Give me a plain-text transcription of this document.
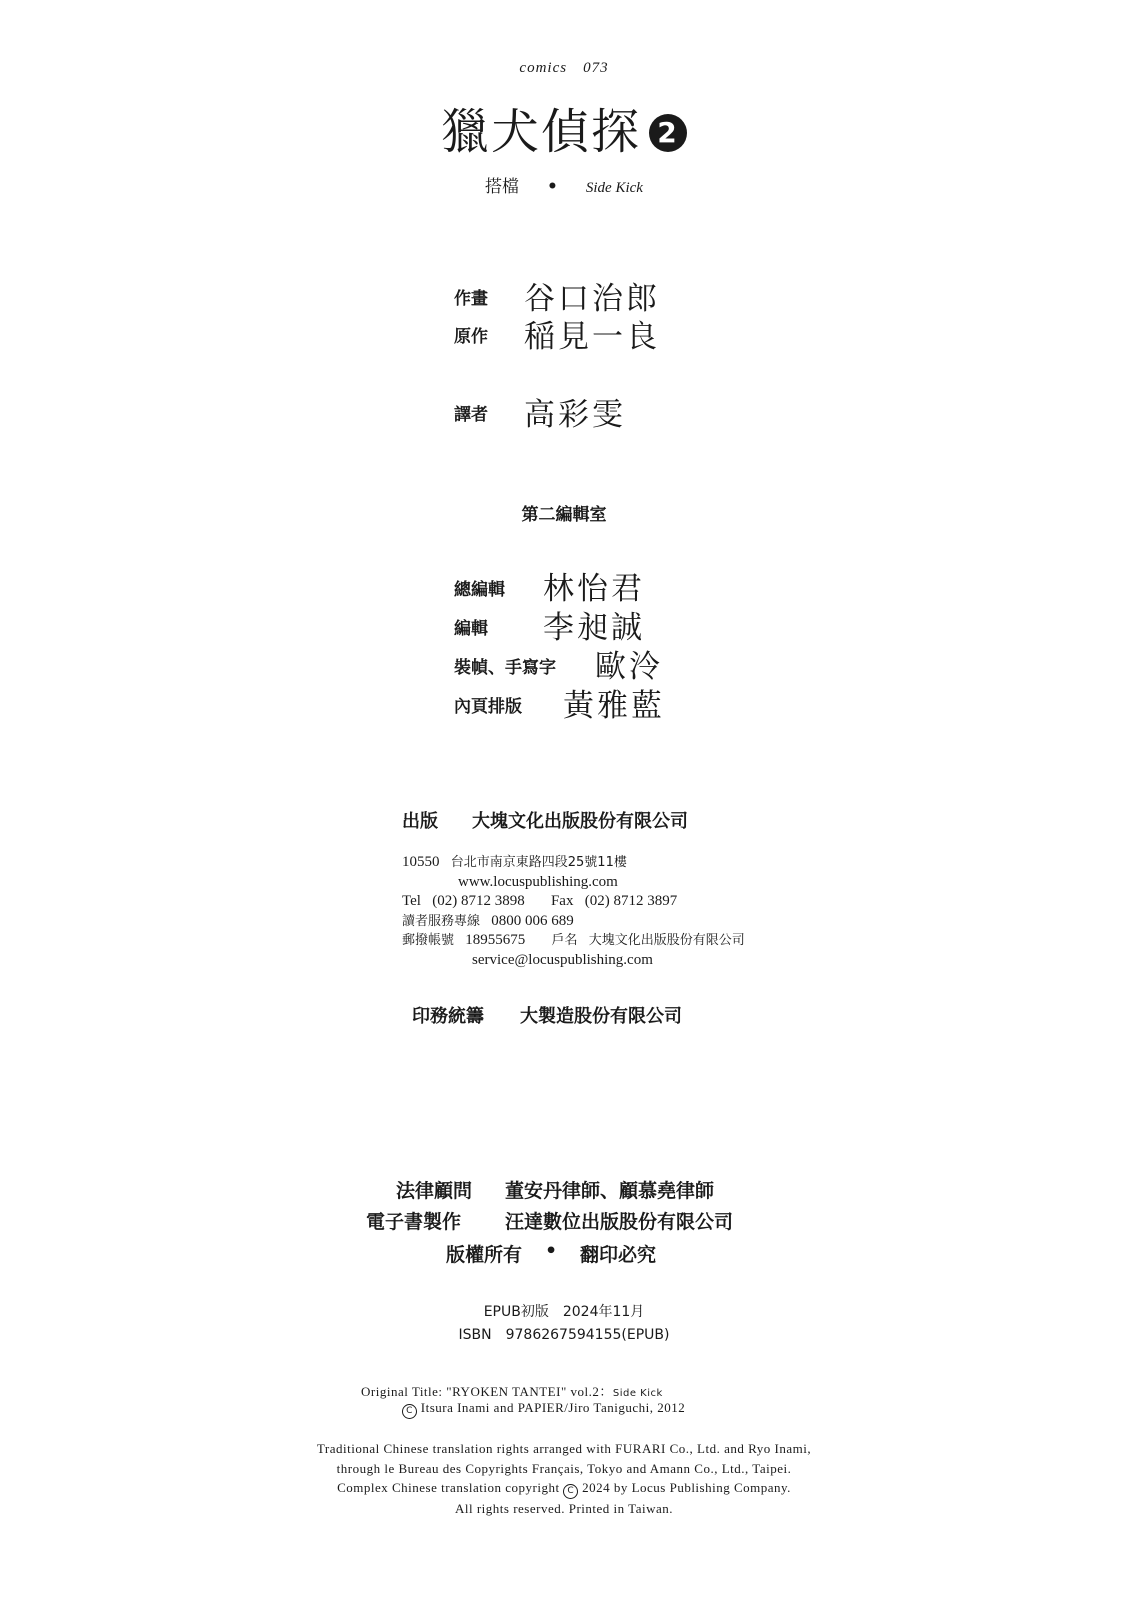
comics　073
獵犬偵探 2
搭檔 • Side Kick
作畫 谷口治郎
原作 稲見一良
譯者 高彩雯
第二編輯室
總編輯 林怡君
編輯 李昶誠
裝幀、手寫字 歐泠
內頁排版 黃雅藍
出版 大塊文化出版股份有限公司
10550 台北市南京東路四段25號11樓
www.locuspublishing.com
Tel (02) 8712 3898 Fax (02) 8712 3897
讀者服務專線 0800 006 689
郵撥帳號 18955675 戶名 大塊文化出版股份有限公司
service@locuspublishing.com
印務統籌 大製造股份有限公司
法律顧問 董安丹律師、顧慕堯律師
電子書製作 汪達數位出版股份有限公司
版權所有 • 翻印必究
EPUB初版　2024年11月
ISBN　9786267594155(EPUB)
Original Title: "RYOKEN TANTEI" vol.2：Side Kick
C Itsura Inami and PAPIER/Jiro Taniguchi, 2012
Traditional Chinese translation rights arranged with FURARI Co., Ltd. and Ryo Inami,
through le Bureau des Copyrights Français, Tokyo and Amann Co., Ltd., Taipei.
Complex Chinese translation copyright C 2024 by Locus Publishing Company.
All rights reserved. Printed in Taiwan.
